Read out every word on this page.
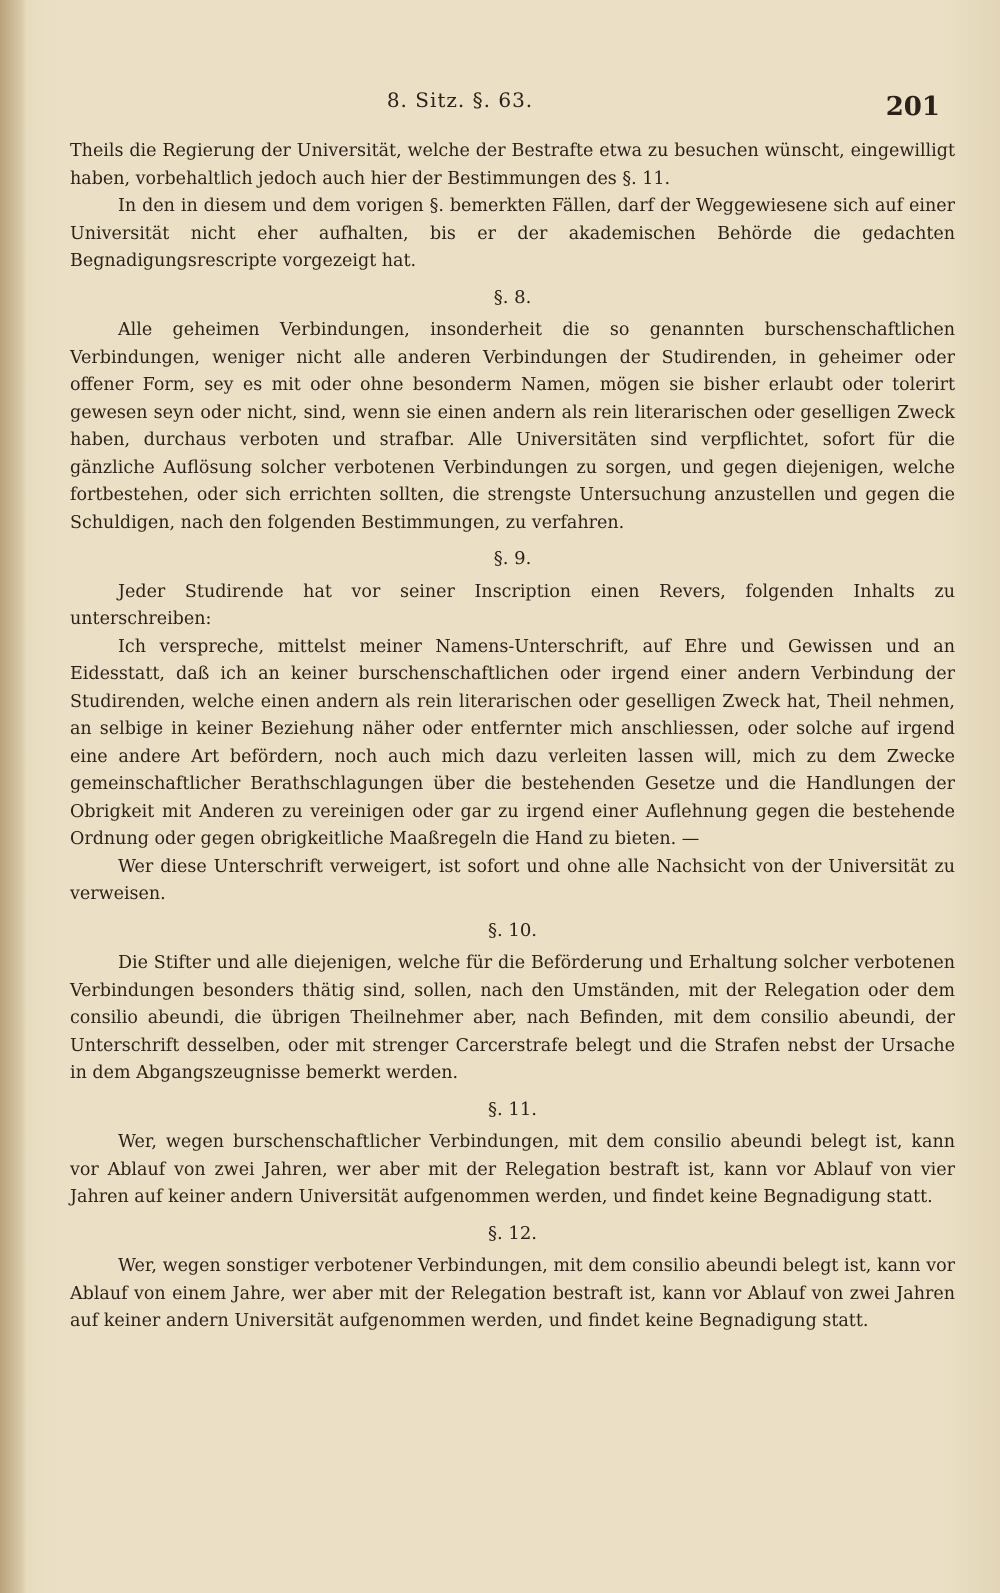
8. Sitz. §. 63.	201

Theils die Regierung der Universität, welche der Bestrafte etwa zu besuchen wünscht, eingewilligt haben, vorbehaltlich jedoch auch hier der Bestimmungen des §. 11.

In den in diesem und dem vorigen §. bemerkten Fällen, darf der Weggewiesene sich auf einer Universität nicht eher aufhalten, bis er der akademischen Behörde die gedachten Begnadigungsrescripte vorgezeigt hat.

§. 8.

Alle geheimen Verbindungen, insonderheit die so genannten burschenschaftlichen Verbindungen, weniger nicht alle anderen Verbindungen der Studirenden, in geheimer oder offener Form, sey es mit oder ohne besonderm Namen, mögen sie bisher erlaubt oder tolerirt gewesen seyn oder nicht, sind, wenn sie einen andern als rein literarischen oder geselligen Zweck haben, durchaus verboten und strafbar. Alle Universitäten sind verpflichtet, sofort für die gänzliche Auflösung solcher verbotenen Verbindungen zu sorgen, und gegen diejenigen, welche fortbestehen, oder sich errichten sollten, die strengste Untersuchung anzustellen und gegen die Schuldigen, nach den folgenden Bestimmungen, zu verfahren.

§. 9.

Jeder Studirende hat vor seiner Inscription einen Revers, folgenden Inhalts zu unterschreiben:

Ich verspreche, mittelst meiner Namens-Unterschrift, auf Ehre und Gewissen und an Eidesstatt, daß ich an keiner burschenschaftlichen oder irgend einer andern Verbindung der Studirenden, welche einen andern als rein literarischen oder geselligen Zweck hat, Theil nehmen, an selbige in keiner Beziehung näher oder entfernter mich anschliessen, oder solche auf irgend eine andere Art befördern, noch auch mich dazu verleiten lassen will, mich zu dem Zwecke gemeinschaftlicher Berathschlagungen über die bestehenden Gesetze und die Handlungen der Obrigkeit mit Anderen zu vereinigen oder gar zu irgend einer Auflehnung gegen die bestehende Ordnung oder gegen obrigkeitliche Maaßregeln die Hand zu bieten. —

Wer diese Unterschrift verweigert, ist sofort und ohne alle Nachsicht von der Universität zu verweisen.

§. 10.

Die Stifter und alle diejenigen, welche für die Beförderung und Erhaltung solcher verbotenen Verbindungen besonders thätig sind, sollen, nach den Umständen, mit der Relegation oder dem consilio abeundi, die übrigen Theilnehmer aber, nach Befinden, mit dem consilio abeundi, der Unterschrift desselben, oder mit strenger Carcerstrafe belegt und die Strafen nebst der Ursache in dem Abgangszeugnisse bemerkt werden.

§. 11.

Wer, wegen burschenschaftlicher Verbindungen, mit dem consilio abeundi belegt ist, kann vor Ablauf von zwei Jahren, wer aber mit der Relegation bestraft ist, kann vor Ablauf von vier Jahren auf keiner andern Universität aufgenommen werden, und findet keine Begnadigung statt.

§. 12.

Wer, wegen sonstiger verbotener Verbindungen, mit dem consilio abeundi belegt ist, kann vor Ablauf von einem Jahre, wer aber mit der Relegation bestraft ist, kann vor Ablauf von zwei Jahren auf keiner andern Universität aufgenommen werden, und findet keine Begnadigung statt.
